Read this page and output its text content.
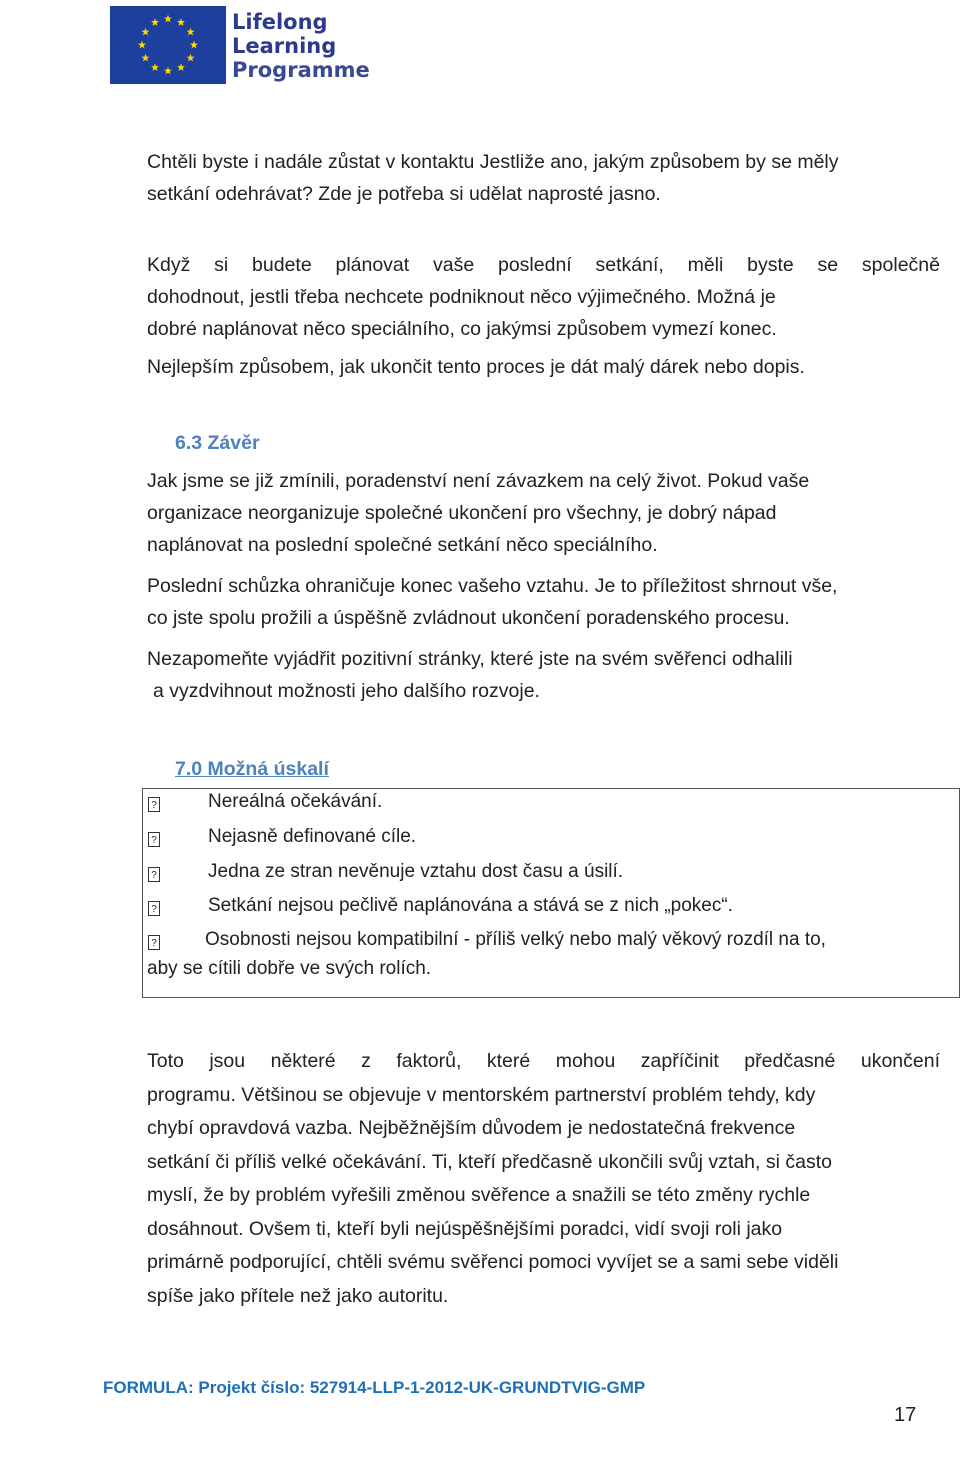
Lifelong
Learning
Programme
Chtěli byste i nadále zůstat v kontaktu Jestliže ano, jakým způsobem by se měly
setkání odehrávat? Zde je potřeba si udělat naprosté jasno.
Když si budete plánovat vaše poslední setkání, měli byste se společně
dohodnout, jestli třeba nechcete podniknout něco výjimečného. Možná je
dobré naplánovat něco speciálního, co jakýmsi způsobem vymezí konec.
Nejlepším způsobem, jak ukončit tento proces je dát malý dárek nebo dopis.
6.3 Závěr
Jak jsme se již zmínili, poradenství není závazkem na celý život. Pokud vaše
organizace neorganizuje společné ukončení pro všechny, je dobrý nápad
naplánovat na poslední společné setkání něco speciálního.
Poslední schůzka ohraničuje konec vašeho vztahu. Je to příležitost shrnout vše,
co jste spolu prožili a úspěšně zvládnout ukončení poradenského procesu.
Nezapomeňte vyjádřit pozitivní stránky, které jste na svém svěřenci odhalili
a vyzdvihnout možnosti jeho dalšího rozvoje.
7.0 Možná úskalí
?	Nereálná očekávání.
?	Nejasně definované cíle.
?	Jedna ze stran nevěnuje vztahu dost času a úsilí.
?	Setkání nejsou pečlivě naplánována a stává se z nich „pokec“.
?	Osobnosti nejsou kompatibilní - příliš velký nebo malý věkový rozdíl na to,
aby se cítili dobře ve svých rolích.
Toto jsou některé z faktorů, které mohou zapříčinit předčasné ukončení
programu. Většinou se objevuje v mentorském partnerství problém tehdy, kdy
chybí opravdová vazba. Nejběžnějším důvodem je nedostatečná frekvence
setkání či příliš velké očekávání. Ti, kteří předčasně ukončili svůj vztah, si často
myslí, že by problém vyřešili změnou svěřence a snažili se této změny rychle
dosáhnout. Ovšem ti, kteří byli nejúspěšnějšími poradci, vidí svoji roli jako
primárně podporující, chtěli svému svěřenci pomoci vyvíjet se a sami sebe viděli
spíše jako přítele než jako autoritu.
FORMULA: Projekt číslo: 527914-LLP-1-2012-UK-GRUNDTVIG-GMP
17
